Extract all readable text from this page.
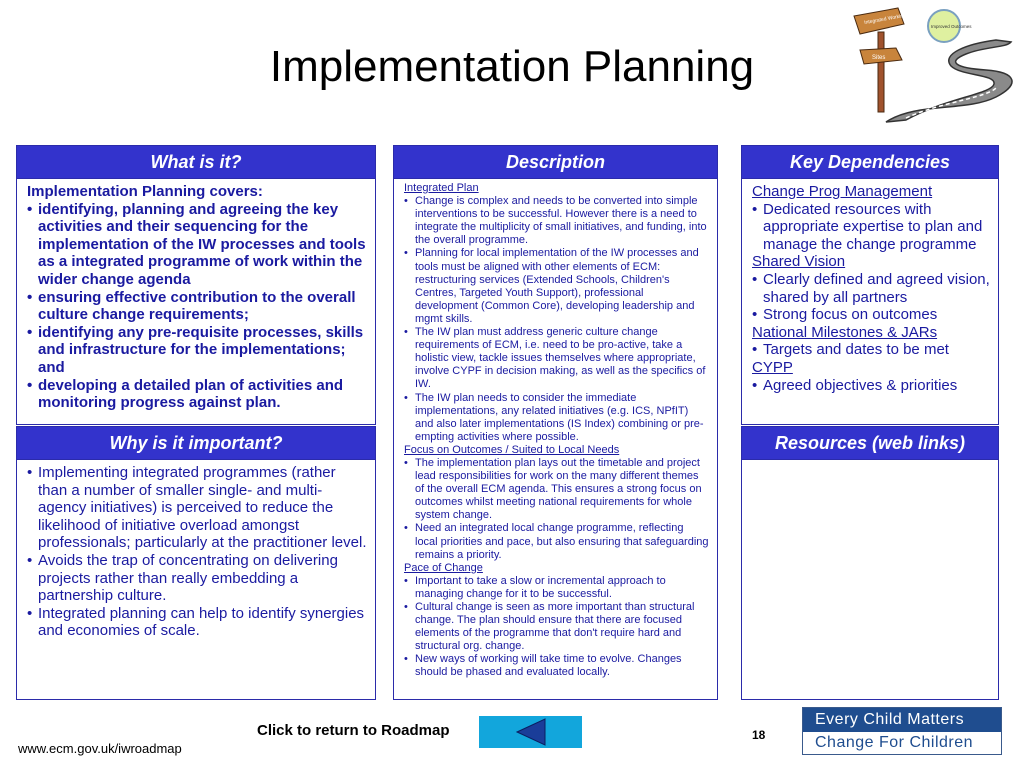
Implementation Planning
Integrated Working
Sites
Improved Outcomes
What is it?
Implementation Planning covers:
• identifying, planning and agreeing the key activities and their sequencing for the implementation of the IW processes and tools as a integrated programme of work within the wider change agenda
• ensuring effective contribution to the overall culture change requirements;
• identifying any pre-requisite processes, skills and infrastructure for the implementations; and
• developing a detailed plan of activities and monitoring progress against plan.
Why is it important?
• Implementing integrated programmes (rather than a number of smaller single- and multi-agency initiatives) is perceived to reduce the likelihood of initiative overload amongst professionals; particularly at the practitioner level.
• Avoids the trap of concentrating on delivering projects rather than really embedding a partnership culture.
• Integrated planning can help to identify synergies and economies of scale.
Description
Integrated Plan
• Change is complex and needs to be converted into simple interventions to be successful. However there is a need to integrate the multiplicity of small initiatives, and funding, into the overall programme.
• Planning for local implementation of the IW processes and tools must be aligned with other elements of ECM: restructuring services (Extended Schools, Children's Centres, Targeted Youth Support), professional development (Common Core), developing leadership and mgmt skills.
• The IW plan must address generic culture change requirements of ECM, i.e. need to be pro-active, take a holistic view, tackle issues themselves where appropriate, involve CYPF in decision making, as well as the specifics of IW.
• The IW plan needs to consider the immediate implementations, any related initiatives (e.g. ICS, NPfIT) and also later implementations (IS Index) combining or pre-empting activities where possible.
Focus on Outcomes / Suited to Local Needs
• The implementation plan lays out the timetable and project lead responsibilities for work on the many different themes of the overall ECM agenda. This ensures a strong focus on outcomes whilst meeting national requirements for whole system change.
• Need an integrated local change programme, reflecting local priorities and pace, but also ensuring that safeguarding remains a priority.
Pace of Change
• Important to take a slow or incremental approach to managing change for it to be successful.
• Cultural change is seen as more important than structural change. The plan should ensure that there are focused elements of the programme that don't require hard and structural org. change.
• New ways of working will take time to evolve. Changes should be phased and evaluated locally.
Key Dependencies
Change Prog Management
• Dedicated resources with appropriate expertise to plan and manage the change programme
Shared Vision
• Clearly defined and agreed vision, shared by all partners
• Strong focus on outcomes
National Milestones & JARs
• Targets and dates to be met
CYPP
• Agreed objectives & priorities
Resources (web links)
www.ecm.gov.uk/iwroadmap
Click to return to Roadmap	18
Every Child Matters
Change For Children
